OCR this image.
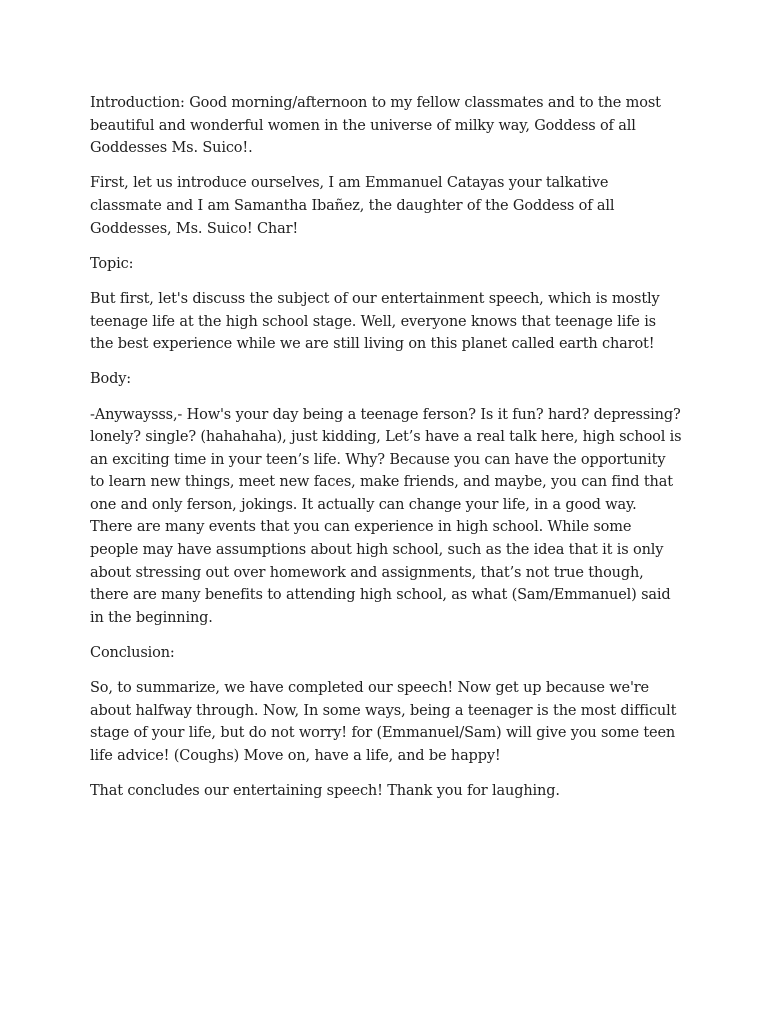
Introduction: Good morning/afternoon to my fellow classmates and to the most beautiful and wonderful women in the universe of milky way, Goddess of all Goddesses Ms. Suico!.

First, let us introduce ourselves, I am Emmanuel Catayas your talkative classmate and I am Samantha Ibañez, the daughter of the Goddess of all Goddesses, Ms. Suico! Char!

Topic:

But first, let's discuss the subject of our entertainment speech, which is mostly teenage life at the high school stage. Well, everyone knows that teenage life is the best experience while we are still living on this planet called earth charot!

Body:

-Anywaysss,- How's your day being a teenage ferson? Is it fun? hard? depressing? lonely? single? (hahahaha), just kidding, Let’s have a real talk here, high school is an exciting time in your teen’s life. Why? Because you can have the opportunity to learn new things, meet new faces, make friends, and maybe, you can find that one and only ferson, jokings. It actually can change your life, in a good way. There are many events that you can experience in high school. While some people may have assumptions about high school, such as the idea that it is only about stressing out over homework and assignments, that’s not true though, there are many benefits to attending high school, as what (Sam/Emmanuel) said in the beginning.

Conclusion:

So, to summarize, we have completed our speech! Now get up because we're about halfway through. Now, In some ways, being a teenager is the most difficult stage of your life, but do not worry! for (Emmanuel/Sam) will give you some teen life advice! (Coughs) Move on, have a life, and be happy!

That concludes our entertaining speech! Thank you for laughing.
